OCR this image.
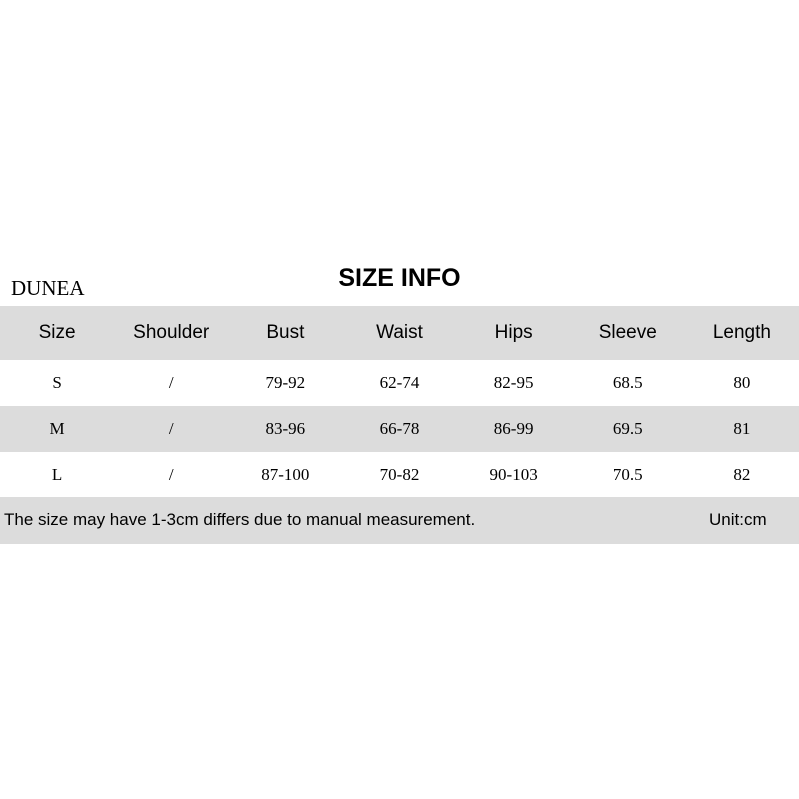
DUNEA	SIZE INFO
Size	Shoulder	Bust	Waist	Hips	Sleeve	Length
S	/	79-92	62-74	82-95	68.5	80
M	/	83-96	66-78	86-99	69.5	81
L	/	87-100	70-82	90-103	70.5	82
The size may have 1-3cm differs due to manual measurement.	Unit:cm
